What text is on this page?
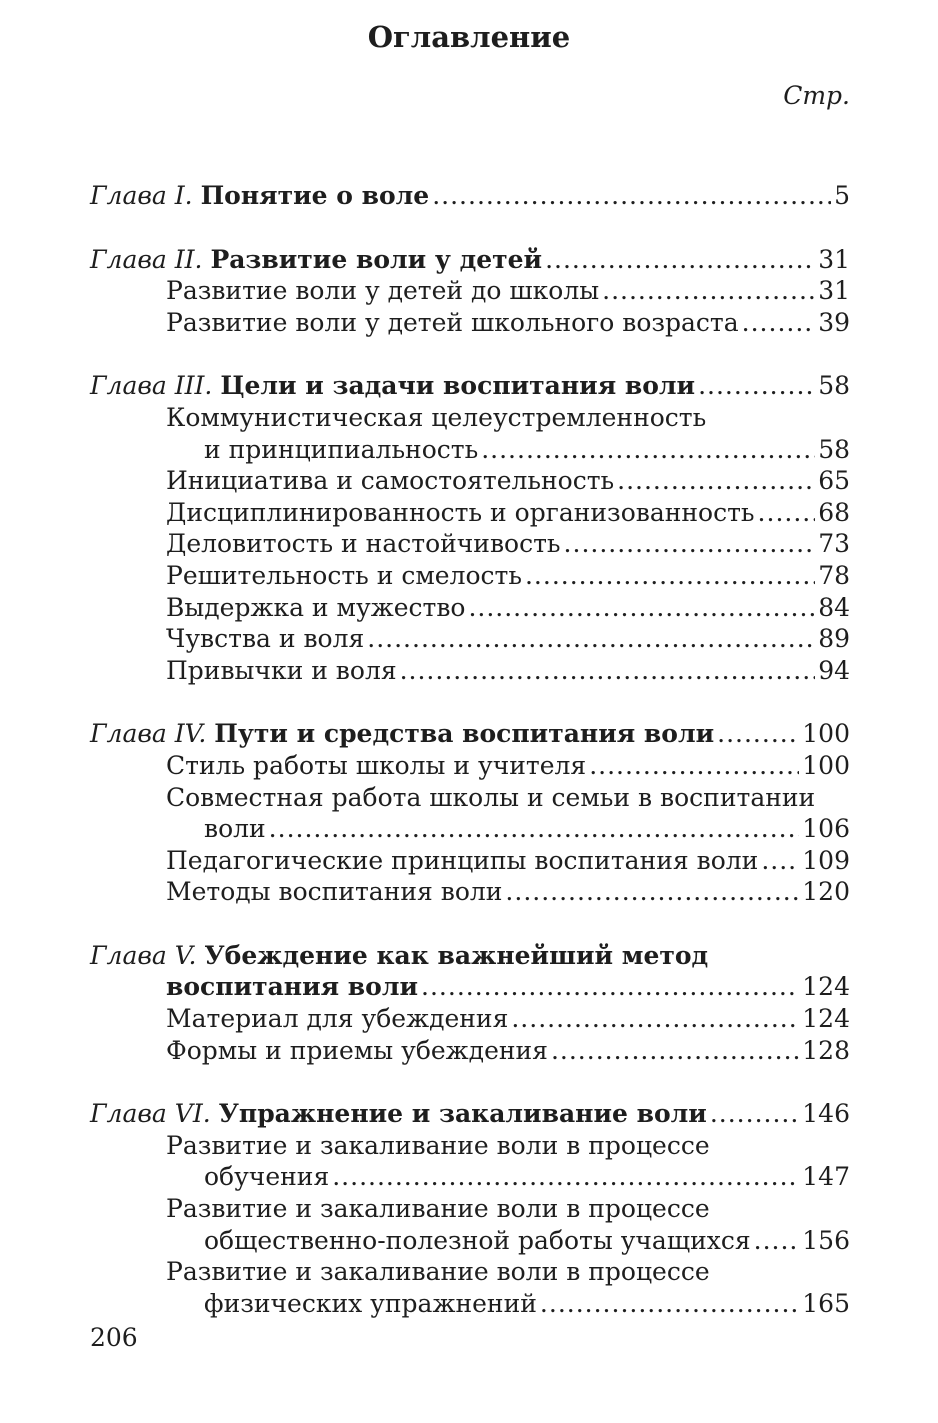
Оглавление
Стр.
Глава I. Понятие о воле .....	5
Глава II. Развитие воли у детей .....	31
Развитие воли у детей до школы .....	31
Развитие воли у детей школьного возраста .....	39
Глава III. Цели и задачи воспитания воли .....	58
Коммунистическая целеустремленность
и принципиальность .....	58
Инициатива и самостоятельность .....	65
Дисциплинированность и организованность .....	68
Деловитость и настойчивость .....	73
Решительность и смелость .....	78
Выдержка и мужество .....	84
Чувства и воля .....	89
Привычки и воля .....	94
Глава IV. Пути и средства воспитания воли .....	100
Стиль работы школы и учителя .....	100
Совместная работа школы и семьи в воспитании
воли .....	106
Педагогические принципы воспитания воли ..... 109
Методы воспитания воли .....	120
Глава V. Убеждение как важнейший метод
воспитания воли .....	124
Материал для убеждения .....	124
Формы и приемы убеждения .....	128
Глава VI. Упражнение и закаливание воли .....	146
Развитие и закаливание воли в процессе
обучения .....	147
Развитие и закаливание воли в процессе
общественно-полезной работы учащихся ..... 156
Развитие и закаливание воли в процессе
физических упражнений .....	165
206
